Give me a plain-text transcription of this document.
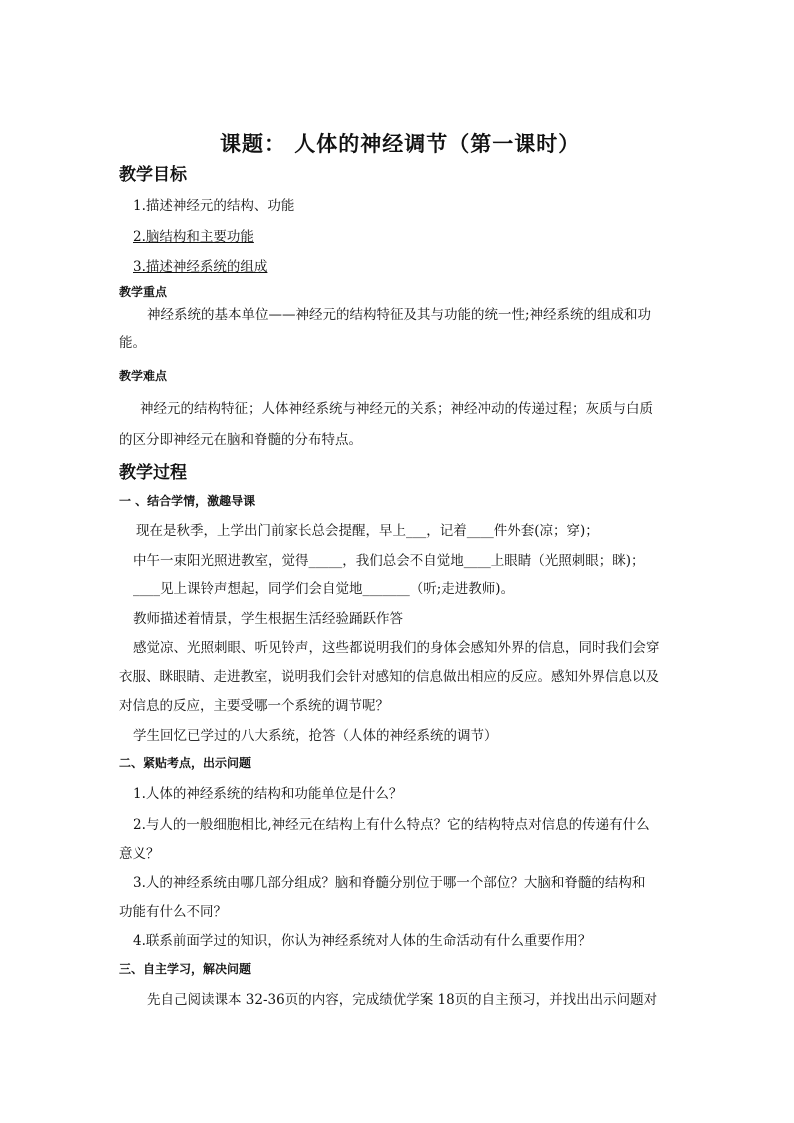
课题： 人体的神经调节（第一课时）
教学目标
1.描述神经元的结构、功能
2.脑结构和主要功能
3.描述神经系统的组成
教学重点
神经系统的基本单位——神经元的结构特征及其与功能的统一性;神经系统的组成和功
能。
教学难点
神经元的结构特征；人体神经系统与神经元的关系；神经冲动的传递过程；灰质与白质
的区分即神经元在脑和脊髓的分布特点。
教学过程
一 、结合学情，激趣导课
现在是秋季，上学出门前家长总会提醒，早上___，记着____件外套(凉；穿)；
中午一束阳光照进教室，觉得_____，我们总会不自觉地____上眼睛（光照刺眼；眯)；
____见上课铃声想起，同学们会自觉地_______（听;走进教师)。
教师描述着情景，学生根据生活经验踊跃作答
感觉凉、光照刺眼、听见铃声，这些都说明我们的身体会感知外界的信息，同时我们会穿
衣服、眯眼睛、走进教室，说明我们会针对感知的信息做出相应的反应。感知外界信息以及
对信息的反应，主要受哪一个系统的调节呢？
学生回忆已学过的八大系统，抢答（人体的神经系统的调节）
二、紧贴考点，出示问题
1.人体的神经系统的结构和功能单位是什么？
2.与人的一般细胞相比,神经元在结构上有什么特点？它的结构特点对信息的传递有什么
意义？
3.人的神经系统由哪几部分组成？脑和脊髓分别位于哪一个部位？大脑和脊髓的结构和
功能有什么不同？
4.联系前面学过的知识，你认为神经系统对人体的生命活动有什么重要作用？
三、自主学习，解决问题
先自己阅读课本 32-36页的内容，完成绩优学案 18页的自主预习，并找出出示问题对
